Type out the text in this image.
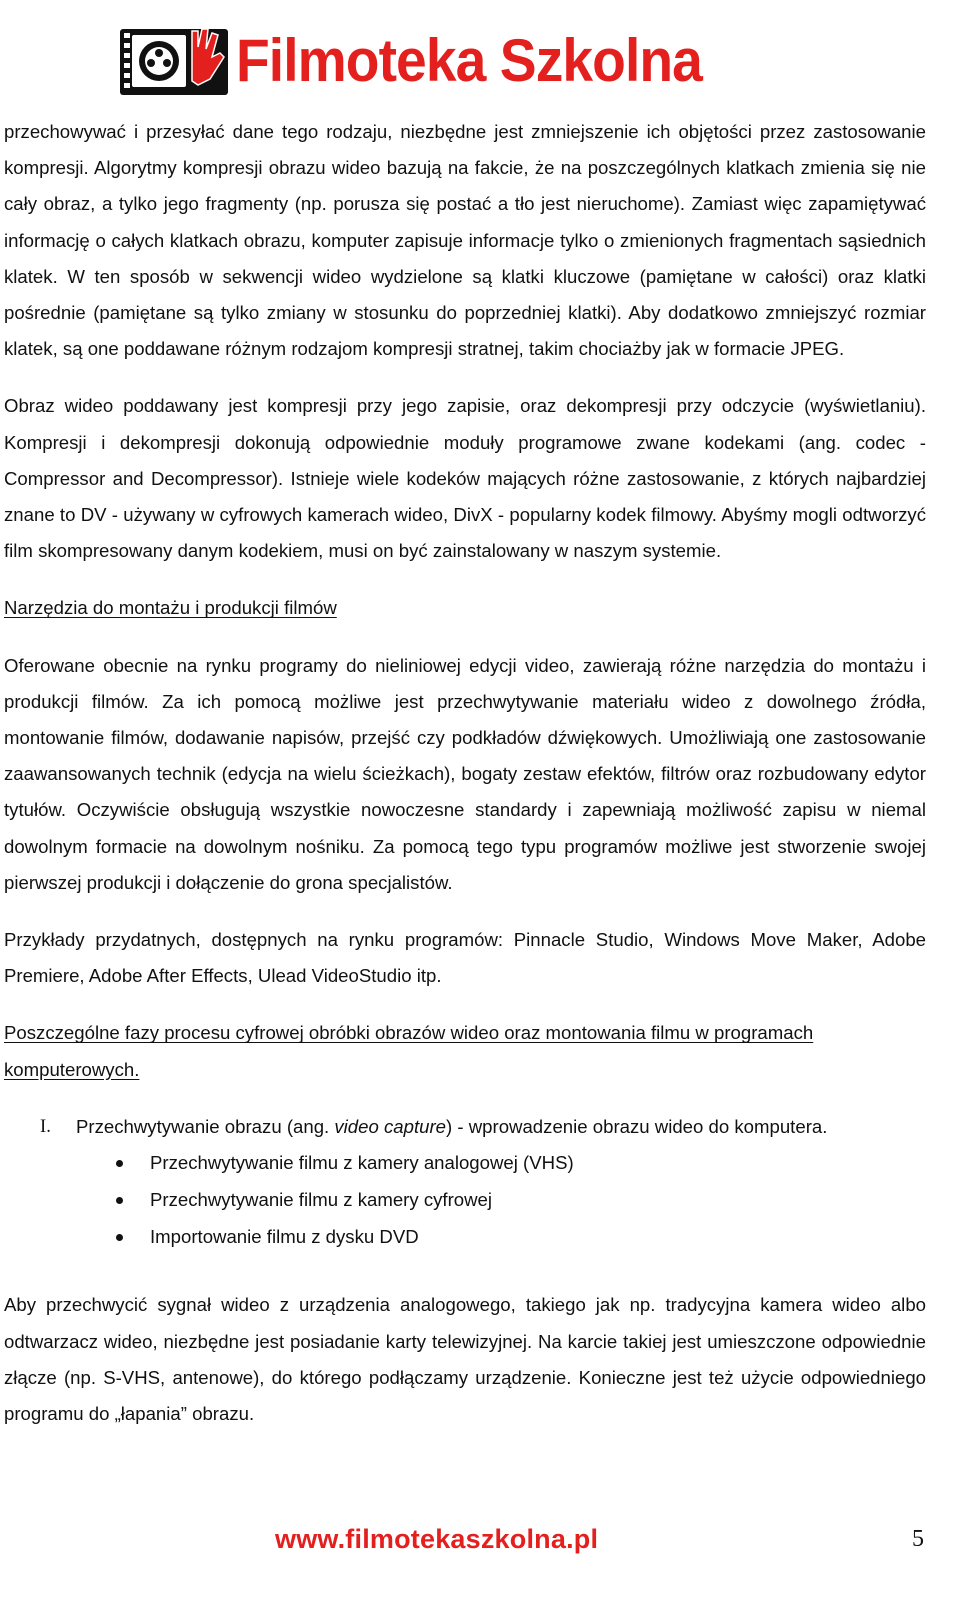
Filmoteka Szkolna

przechowywać i przesyłać dane tego rodzaju, niezbędne jest zmniejszenie ich objętości przez zastosowanie kompresji. Algorytmy kompresji obrazu wideo bazują na fakcie, że na poszczególnych klatkach zmienia się nie cały obraz, a tylko jego fragmenty (np. porusza się postać a tło jest nieruchome). Zamiast więc zapamiętywać informację o całych klatkach obrazu, komputer zapisuje informacje tylko o zmienionych fragmentach sąsiednich klatek. W ten sposób w sekwencji wideo wydzielone są klatki kluczowe (pamiętane w całości) oraz klatki pośrednie (pamiętane są tylko zmiany w stosunku do poprzedniej klatki). Aby dodatkowo zmniejszyć rozmiar klatek, są one poddawane różnym rodzajom kompresji stratnej, takim chociażby jak w formacie JPEG.

Obraz wideo poddawany jest kompresji przy jego zapisie, oraz dekompresji przy odczycie (wyświetlaniu). Kompresji i dekompresji dokonują odpowiednie moduły programowe zwane kodekami (ang. codec - Compressor and Decompressor). Istnieje wiele kodeków mających różne zastosowanie, z których najbardziej znane to DV - używany w cyfrowych kamerach wideo, DivX - popularny kodek filmowy. Abyśmy mogli odtworzyć film skompresowany danym kodekiem, musi on być zainstalowany w naszym systemie.

Narzędzia do montażu i produkcji filmów

Oferowane obecnie na rynku programy do nieliniowej edycji video, zawierają różne narzędzia do montażu i produkcji filmów. Za ich pomocą możliwe jest przechwytywanie materiału wideo z dowolnego źródła, montowanie filmów, dodawanie napisów, przejść czy podkładów dźwiękowych. Umożliwiają one zastosowanie zaawansowanych technik (edycja na wielu ścieżkach), bogaty zestaw efektów, filtrów oraz rozbudowany edytor tytułów. Oczywiście obsługują wszystkie nowoczesne standardy i zapewniają możliwość zapisu w niemal dowolnym formacie na dowolnym nośniku. Za pomocą tego typu programów możliwe jest stworzenie swojej pierwszej produkcji i dołączenie do grona specjalistów.

Przykłady przydatnych, dostępnych na rynku programów: Pinnacle Studio, Windows Move Maker, Adobe Premiere, Adobe After Effects, Ulead VideoStudio itp.

Poszczególne fazy procesu cyfrowej obróbki obrazów wideo oraz montowania filmu w programach komputerowych.

I.	Przechwytywanie obrazu (ang. video capture) - wprowadzenie obrazu wideo do komputera.
Przechwytywanie filmu z kamery analogowej (VHS)
Przechwytywanie filmu z kamery cyfrowej
Importowanie filmu z dysku DVD

Aby przechwycić sygnał wideo z urządzenia analogowego, takiego jak np. tradycyjna kamera wideo albo odtwarzacz wideo, niezbędne jest posiadanie karty telewizyjnej. Na karcie takiej jest umieszczone odpowiednie złącze (np. S-VHS, antenowe), do którego podłączamy urządzenie. Konieczne jest też użycie odpowiedniego programu do „łapania” obrazu.

www.filmotekaszkolna.pl	5
